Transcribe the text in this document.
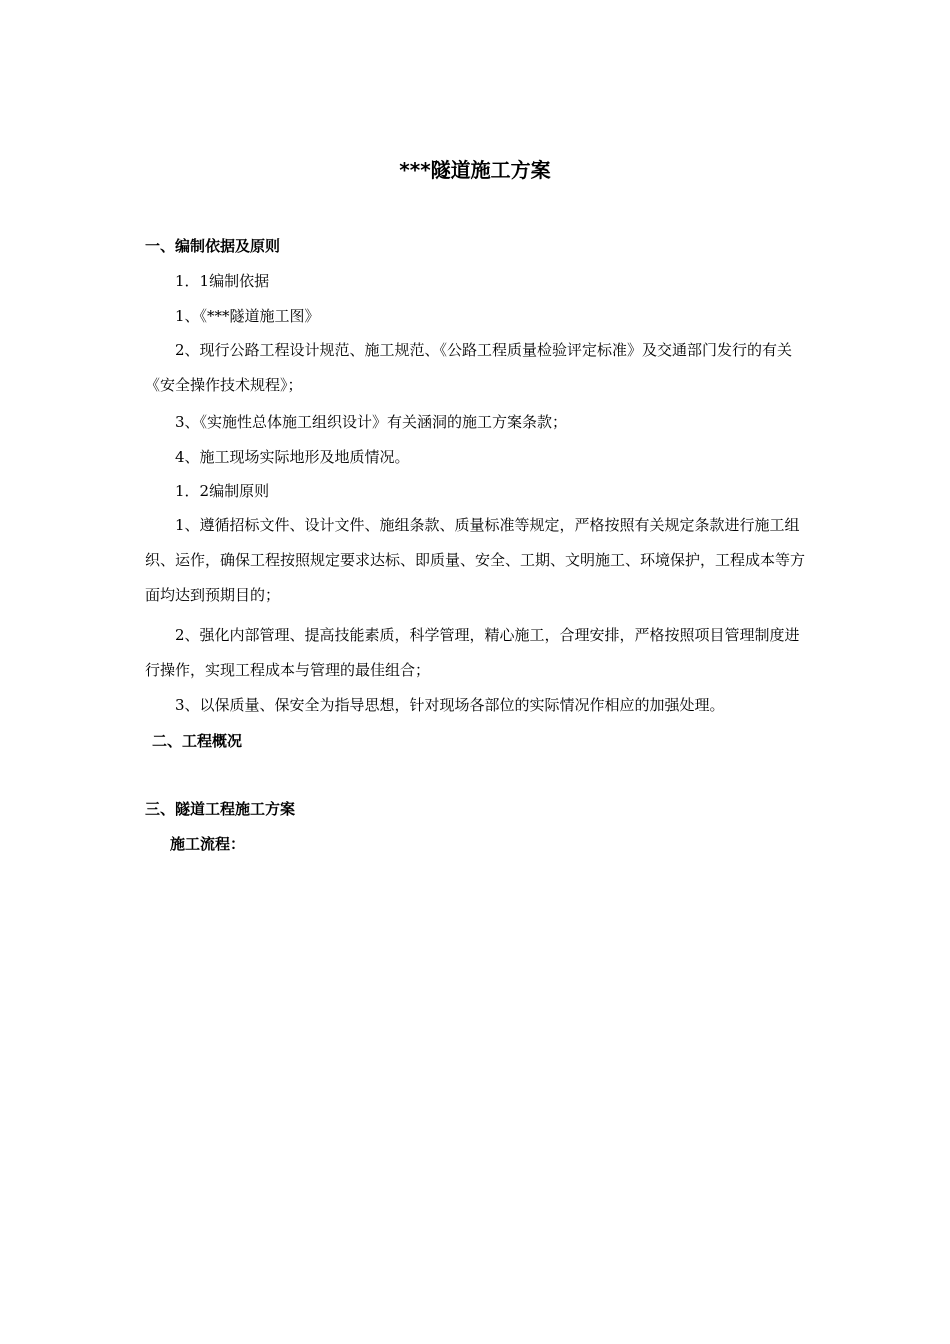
***隧道施工方案
一、编制依据及原则
1．1编制依据
1、《***隧道施工图》
2、现行公路工程设计规范、施工规范、《公路工程质量检验评定标准》及交通部门发行的有关《安全操作技术规程》；
3、《实施性总体施工组织设计》有关涵洞的施工方案条款；
4、施工现场实际地形及地质情况。
1．2编制原则
1、遵循招标文件、设计文件、施组条款、质量标准等规定，严格按照有关规定条款进行施工组织、运作，确保工程按照规定要求达标、即质量、安全、工期、文明施工、环境保护，工程成本等方面均达到预期目的；
2、强化内部管理、提高技能素质，科学管理，精心施工，合理安排，严格按照项目管理制度进行操作，实现工程成本与管理的最佳组合；
3、以保质量、保安全为指导思想，针对现场各部位的实际情况作相应的加强处理。
二、工程概况
三、隧道工程施工方案
施工流程：
